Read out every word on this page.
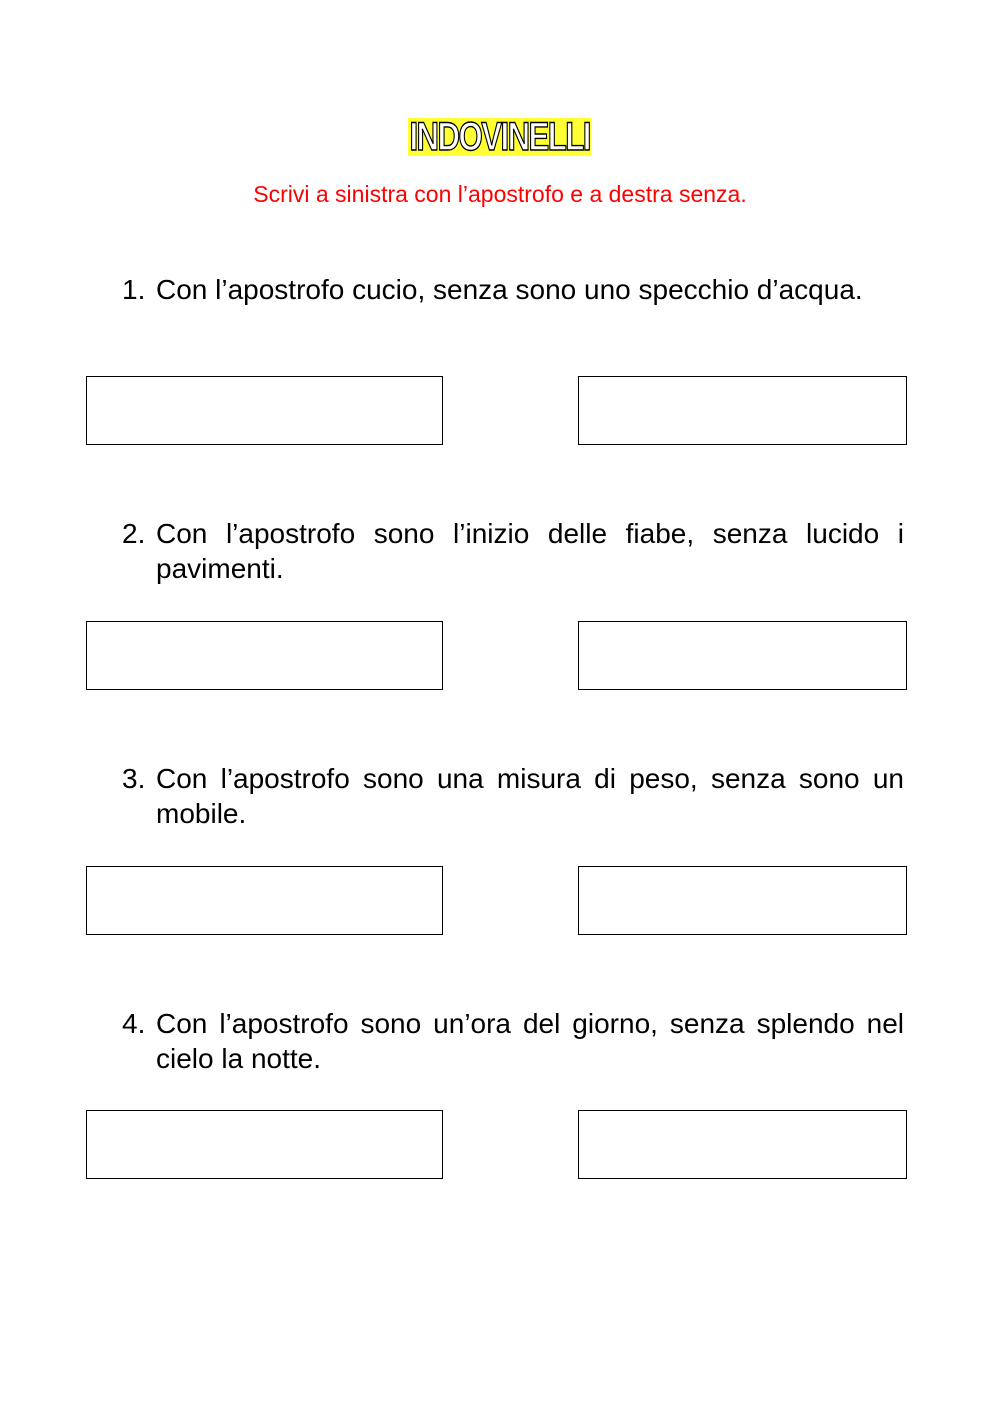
INDOVINELLI
Scrivi a sinistra con l’apostrofo e a destra senza.
1. Con l’apostrofo cucio, senza sono uno specchio d’acqua.
2. Con l’apostrofo sono l’inizio delle fiabe, senza lucido i pavimenti.
3. Con l’apostrofo sono una misura di peso, senza sono un mobile.
4. Con l’apostrofo sono un’ora del giorno, senza splendo nel cielo la notte.
